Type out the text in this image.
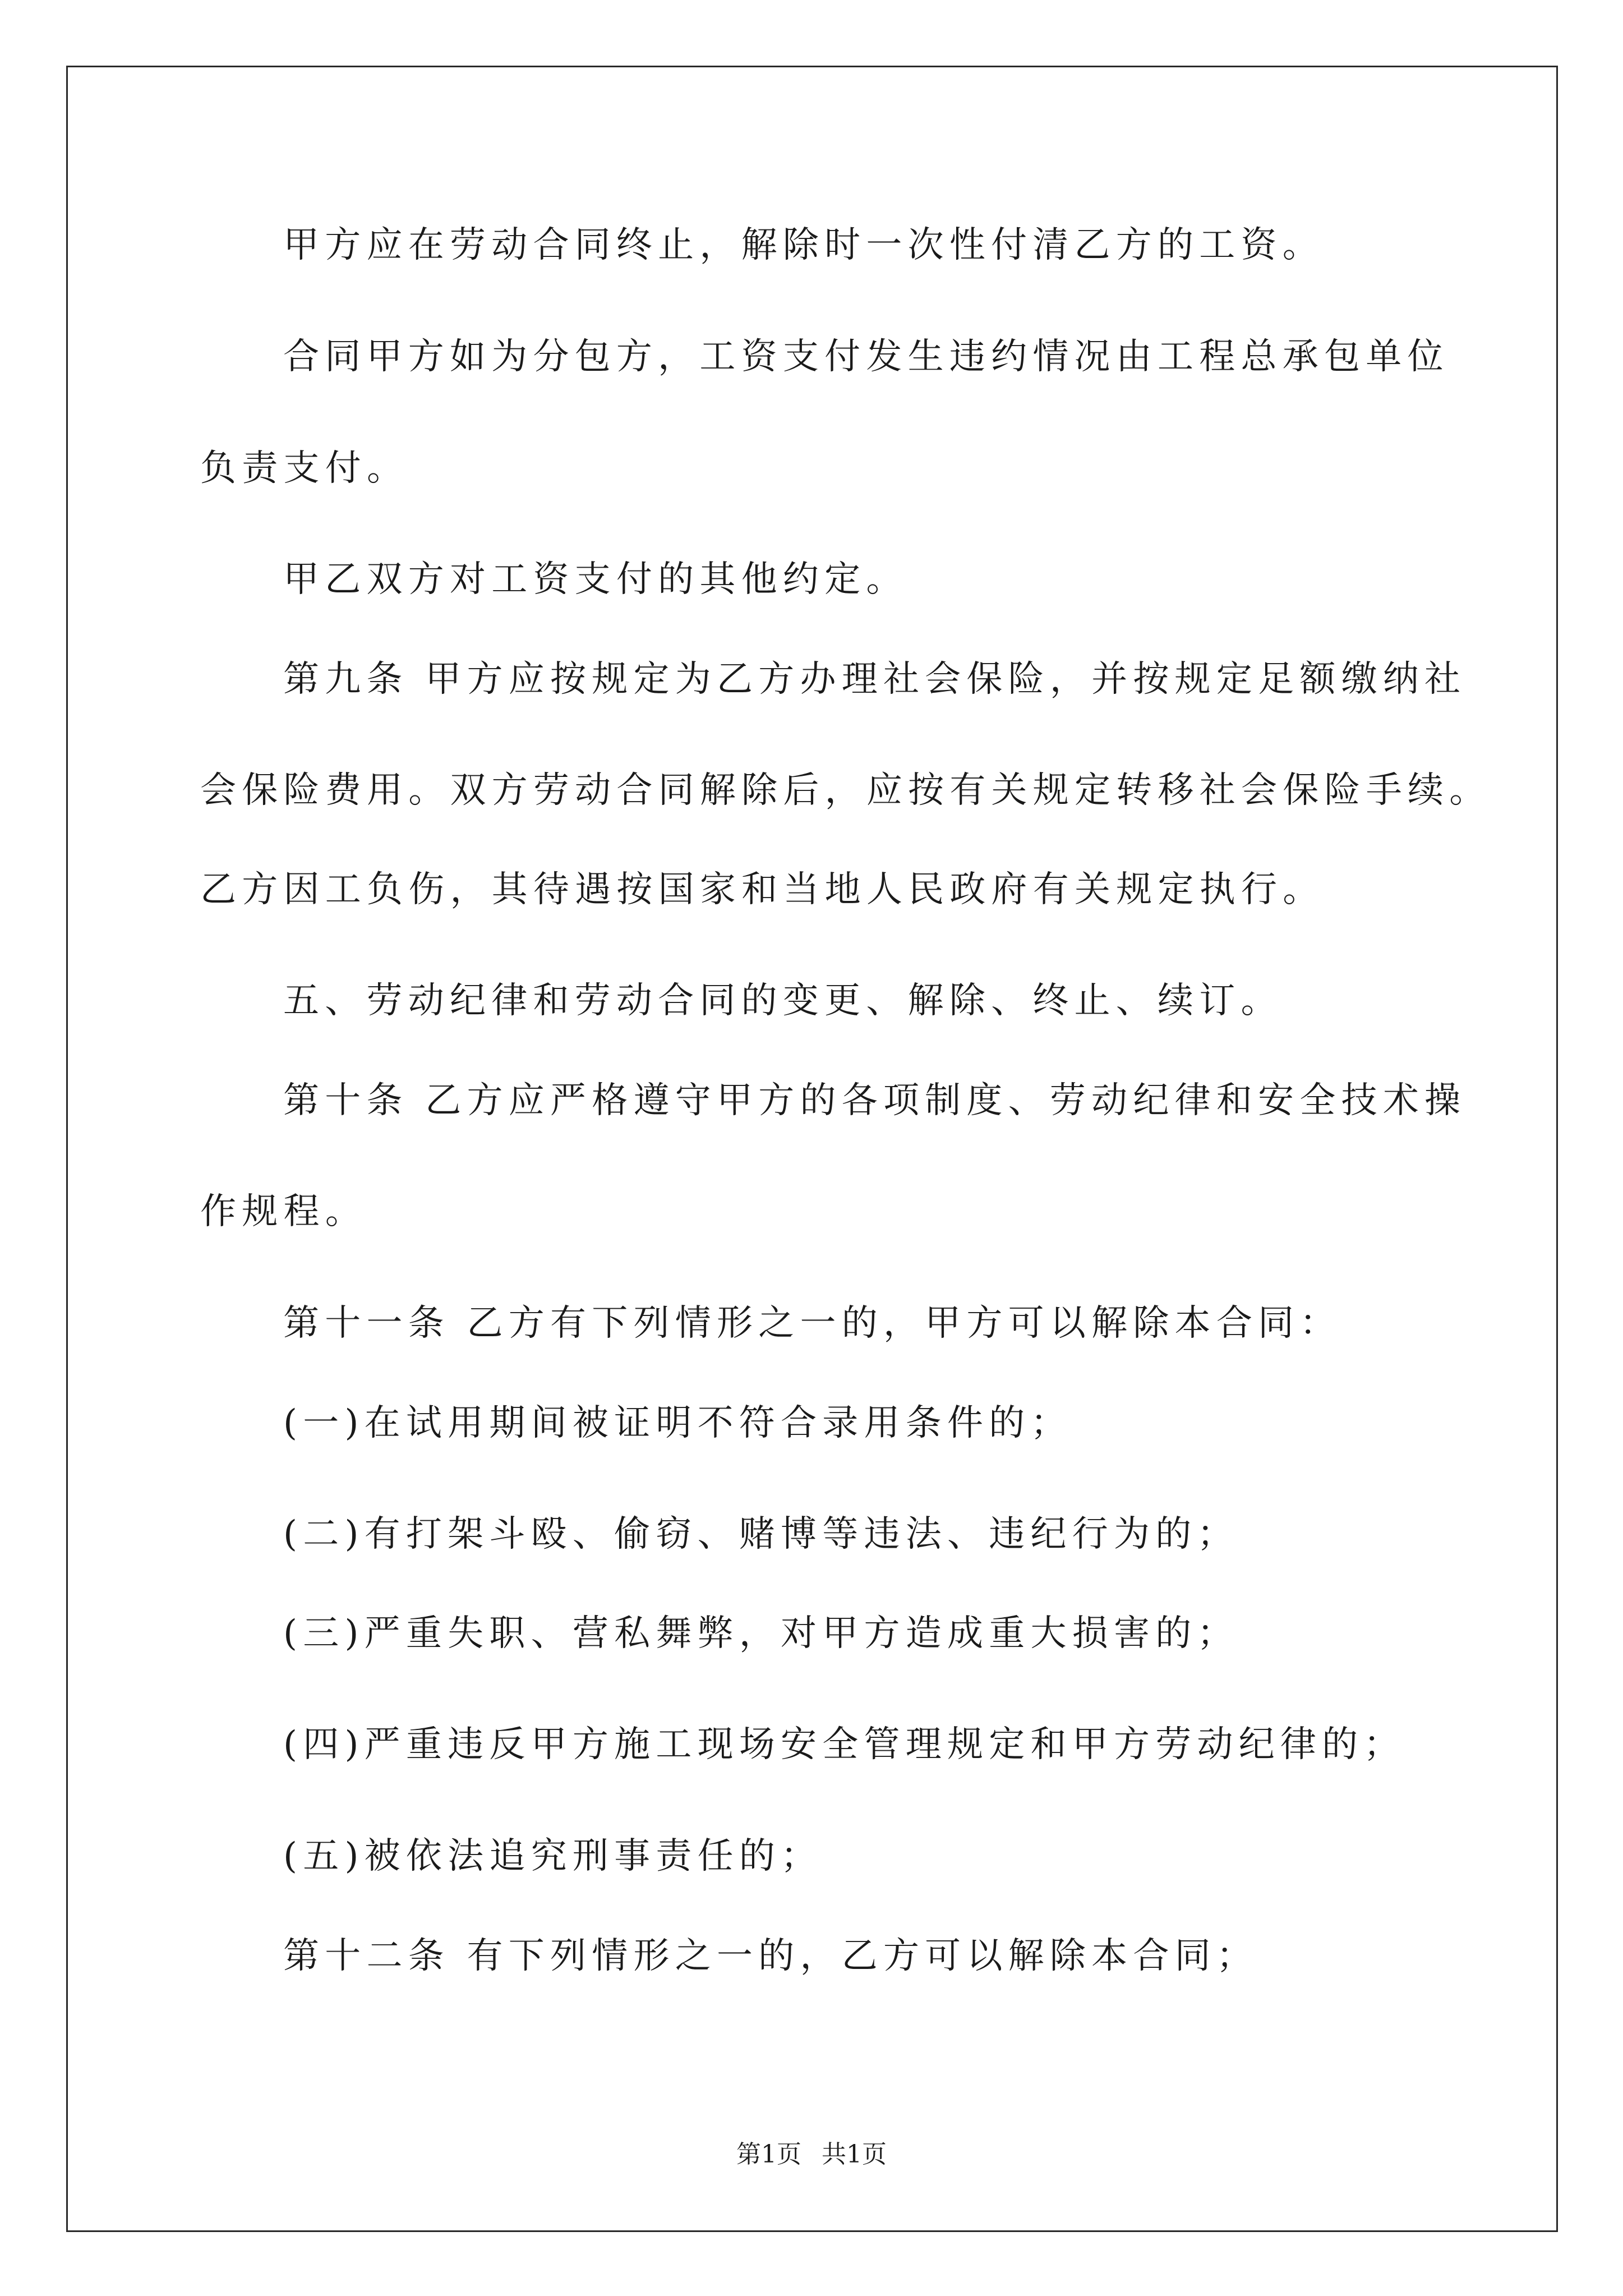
甲方应在劳动合同终止，解除时一次性付清乙方的工资。
合同甲方如为分包方，工资支付发生违约情况由工程总承包单位
负责支付。
甲乙双方对工资支付的其他约定。
第九条 甲方应按规定为乙方办理社会保险，并按规定足额缴纳社
会保险费用。双方劳动合同解除后，应按有关规定转移社会保险手续。
乙方因工负伤，其待遇按国家和当地人民政府有关规定执行。
五、劳动纪律和劳动合同的变更、解除、终止、续订。
第十条 乙方应严格遵守甲方的各项制度、劳动纪律和安全技术操
作规程。
第十一条 乙方有下列情形之一的，甲方可以解除本合同：
(一)在试用期间被证明不符合录用条件的；
(二)有打架斗殴、偷窃、赌博等违法、违纪行为的；
(三)严重失职、营私舞弊，对甲方造成重大损害的；
(四)严重违反甲方施工现场安全管理规定和甲方劳动纪律的；
(五)被依法追究刑事责任的；
第十二条 有下列情形之一的，乙方可以解除本合同；
第1页 共1页
